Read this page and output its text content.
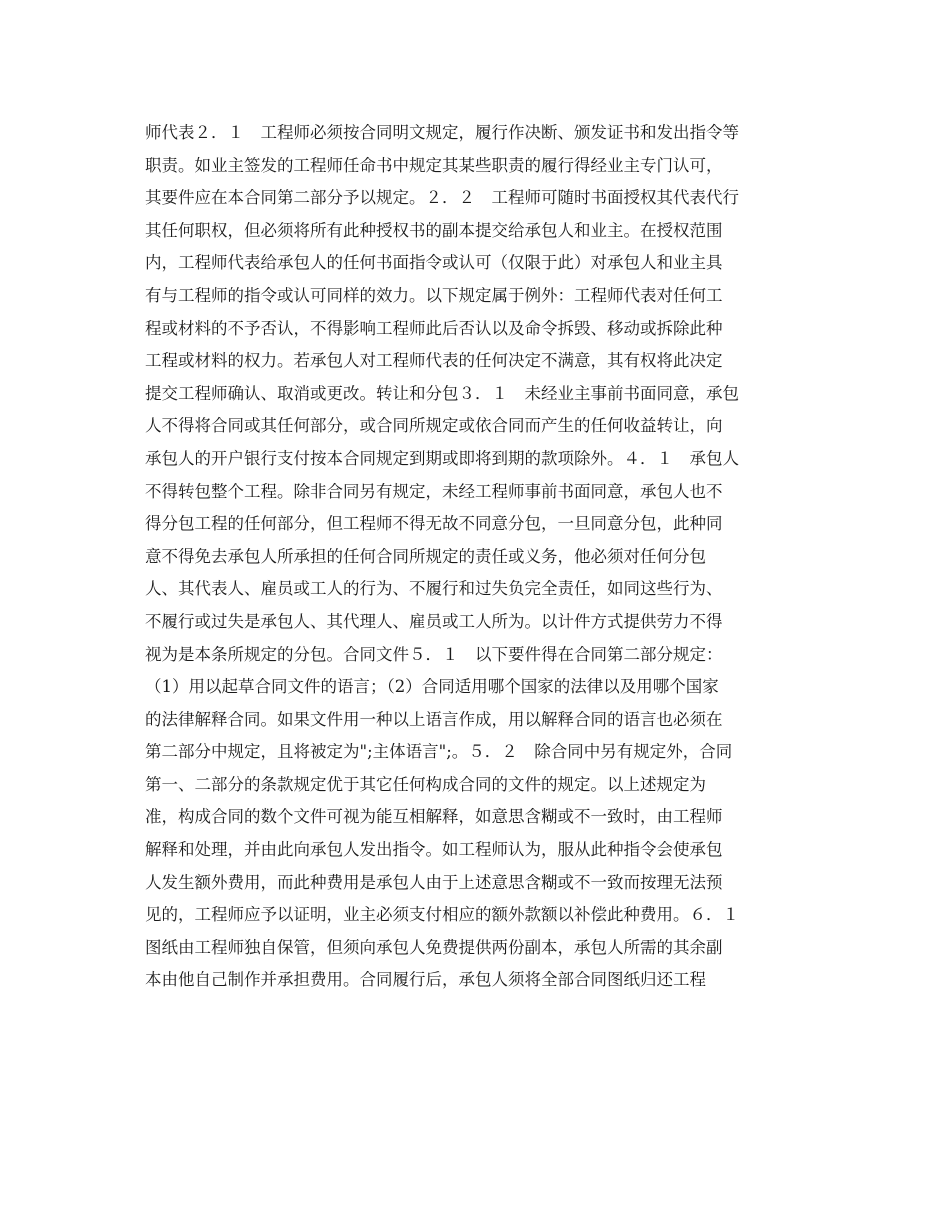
师代表２．１　工程师必须按合同明文规定，履行作决断、颁发证书和发出指令等
职责。如业主签发的工程师任命书中规定其某些职责的履行得经业主专门认可，
其要件应在本合同第二部分予以规定。２．２　工程师可随时书面授权其代表代行
其任何职权，但必须将所有此种授权书的副本提交给承包人和业主。在授权范围
内，工程师代表给承包人的任何书面指令或认可（仅限于此）对承包人和业主具
有与工程师的指令或认可同样的效力。以下规定属于例外：工程师代表对任何工
程或材料的不予否认，不得影响工程师此后否认以及命令拆毁、移动或拆除此种
工程或材料的权力。若承包人对工程师代表的任何决定不满意，其有权将此决定
提交工程师确认、取消或更改。转让和分包３．１　未经业主事前书面同意，承包
人不得将合同或其任何部分，或合同所规定或依合同而产生的任何收益转让，向
承包人的开户银行支付按本合同规定到期或即将到期的款项除外。４．１　承包人
不得转包整个工程。除非合同另有规定，未经工程师事前书面同意，承包人也不
得分包工程的任何部分，但工程师不得无故不同意分包，一旦同意分包，此种同
意不得免去承包人所承担的任何合同所规定的责任或义务，他必须对任何分包
人、其代表人、雇员或工人的行为、不履行和过失负完全责任，如同这些行为、
不履行或过失是承包人、其代理人、雇员或工人所为。以计件方式提供劳力不得
视为是本条所规定的分包。合同文件５．１　以下要件得在合同第二部分规定：
（1）用以起草合同文件的语言；（2）合同适用哪个国家的法律以及用哪个国家
的法律解释合同。如果文件用一种以上语言作成，用以解释合同的语言也必须在
第二部分中规定，且将被定为";主体语言";。５．２　除合同中另有规定外，合同
第一、二部分的条款规定优于其它任何构成合同的文件的规定。以上述规定为
准，构成合同的数个文件可视为能互相解释，如意思含糊或不一致时，由工程师
解释和处理，并由此向承包人发出指令。如工程师认为，服从此种指令会使承包
人发生额外费用，而此种费用是承包人由于上述意思含糊或不一致而按理无法预
见的，工程师应予以证明，业主必须支付相应的额外款额以补偿此种费用。６．１
图纸由工程师独自保管，但须向承包人免费提供两份副本，承包人所需的其余副
本由他自己制作并承担费用。合同履行后，承包人须将全部合同图纸归还工程
